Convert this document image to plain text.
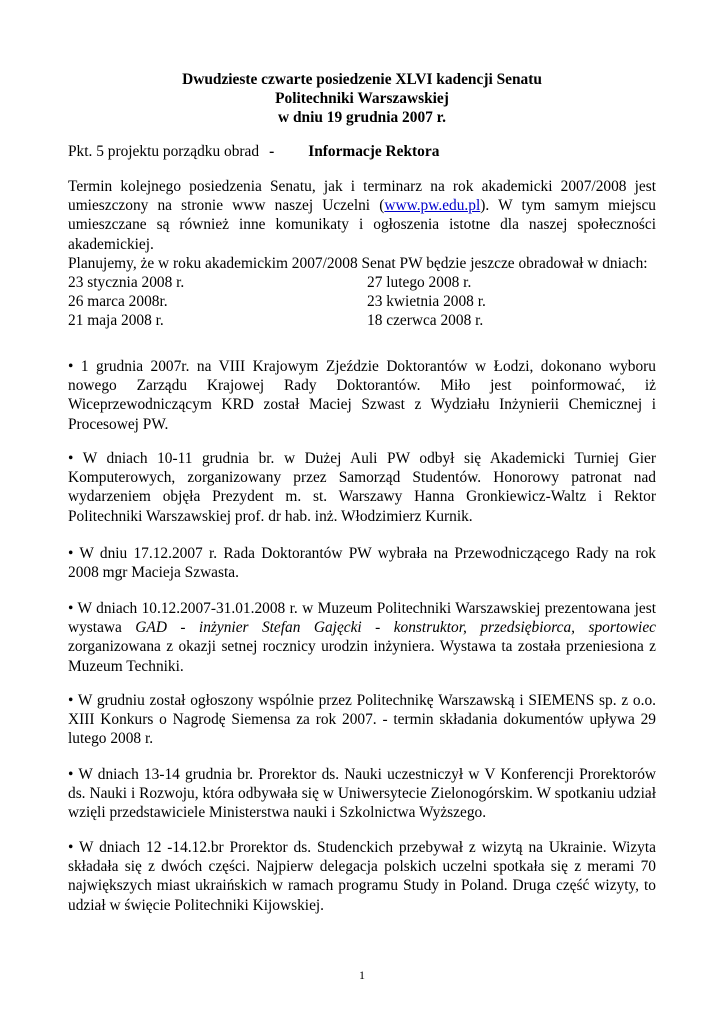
Dwudzieste czwarte posiedzenie XLVI kadencji Senatu
Politechniki Warszawskiej
w dniu 19 grudnia 2007 r.
Pkt. 5 projektu porządku obrad - Informacje Rektora

Termin kolejnego posiedzenia Senatu, jak i terminarz na rok akademicki 2007/2008 jest umieszczony na stronie www naszej Uczelni (www.pw.edu.pl). W tym samym miejscu umieszczane są również inne komunikaty i ogłoszenia istotne dla naszej społeczności akademickiej.

Planujemy, że w roku akademickim 2007/2008 Senat PW będzie jeszcze obradował w dniach:

23 stycznia 2008 r.	27 lutego 2008 r.
26 marca 2008r.	23 kwietnia 2008 r.
21 maja 2008 r.	18 czerwca 2008 r.

• 1 grudnia 2007r. na VIII Krajowym Zjeździe Doktorantów w Łodzi, dokonano wyboru nowego Zarządu Krajowej Rady Doktorantów. Miło jest poinformować, iż Wiceprzewodniczącym KRD został Maciej Szwast z Wydziału Inżynierii Chemicznej i Procesowej PW.

• W dniach 10-11 grudnia br. w Dużej Auli PW odbył się Akademicki Turniej Gier Komputerowych, zorganizowany przez Samorząd Studentów. Honorowy patronat nad wydarzeniem objęła Prezydent m. st. Warszawy Hanna Gronkiewicz-Waltz i Rektor Politechniki Warszawskiej prof. dr hab. inż. Włodzimierz Kurnik.

• W dniu 17.12.2007 r. Rada Doktorantów PW wybrała na Przewodniczącego Rady na rok 2008 mgr Macieja Szwasta.

• W dniach 10.12.2007-31.01.2008 r. w Muzeum Politechniki Warszawskiej prezentowana jest wystawa GAD - inżynier Stefan Gajęcki - konstruktor, przedsiębiorca, sportowiec zorganizowana z okazji setnej rocznicy urodzin inżyniera. Wystawa ta została przeniesiona z Muzeum Techniki.

• W grudniu został ogłoszony wspólnie przez Politechnikę Warszawską i SIEMENS sp. z o.o. XIII Konkurs o Nagrodę Siemensa za rok 2007. - termin składania dokumentów upływa 29 lutego 2008 r.

• W dniach 13-14 grudnia br. Prorektor ds. Nauki uczestniczył w V Konferencji Prorektorów ds. Nauki i Rozwoju, która odbywała się w Uniwersytecie Zielonogórskim. W spotkaniu udział wzięli przedstawiciele Ministerstwa nauki i Szkolnictwa Wyższego.

• W dniach 12 -14.12.br Prorektor ds. Studenckich przebywał z wizytą na Ukrainie. Wizyta składała się z dwóch części. Najpierw delegacja polskich uczelni spotkała się z merami 70 największych miast ukraińskich w ramach programu Study in Poland. Druga część wizyty, to udział w święcie Politechniki Kijowskiej.

1
